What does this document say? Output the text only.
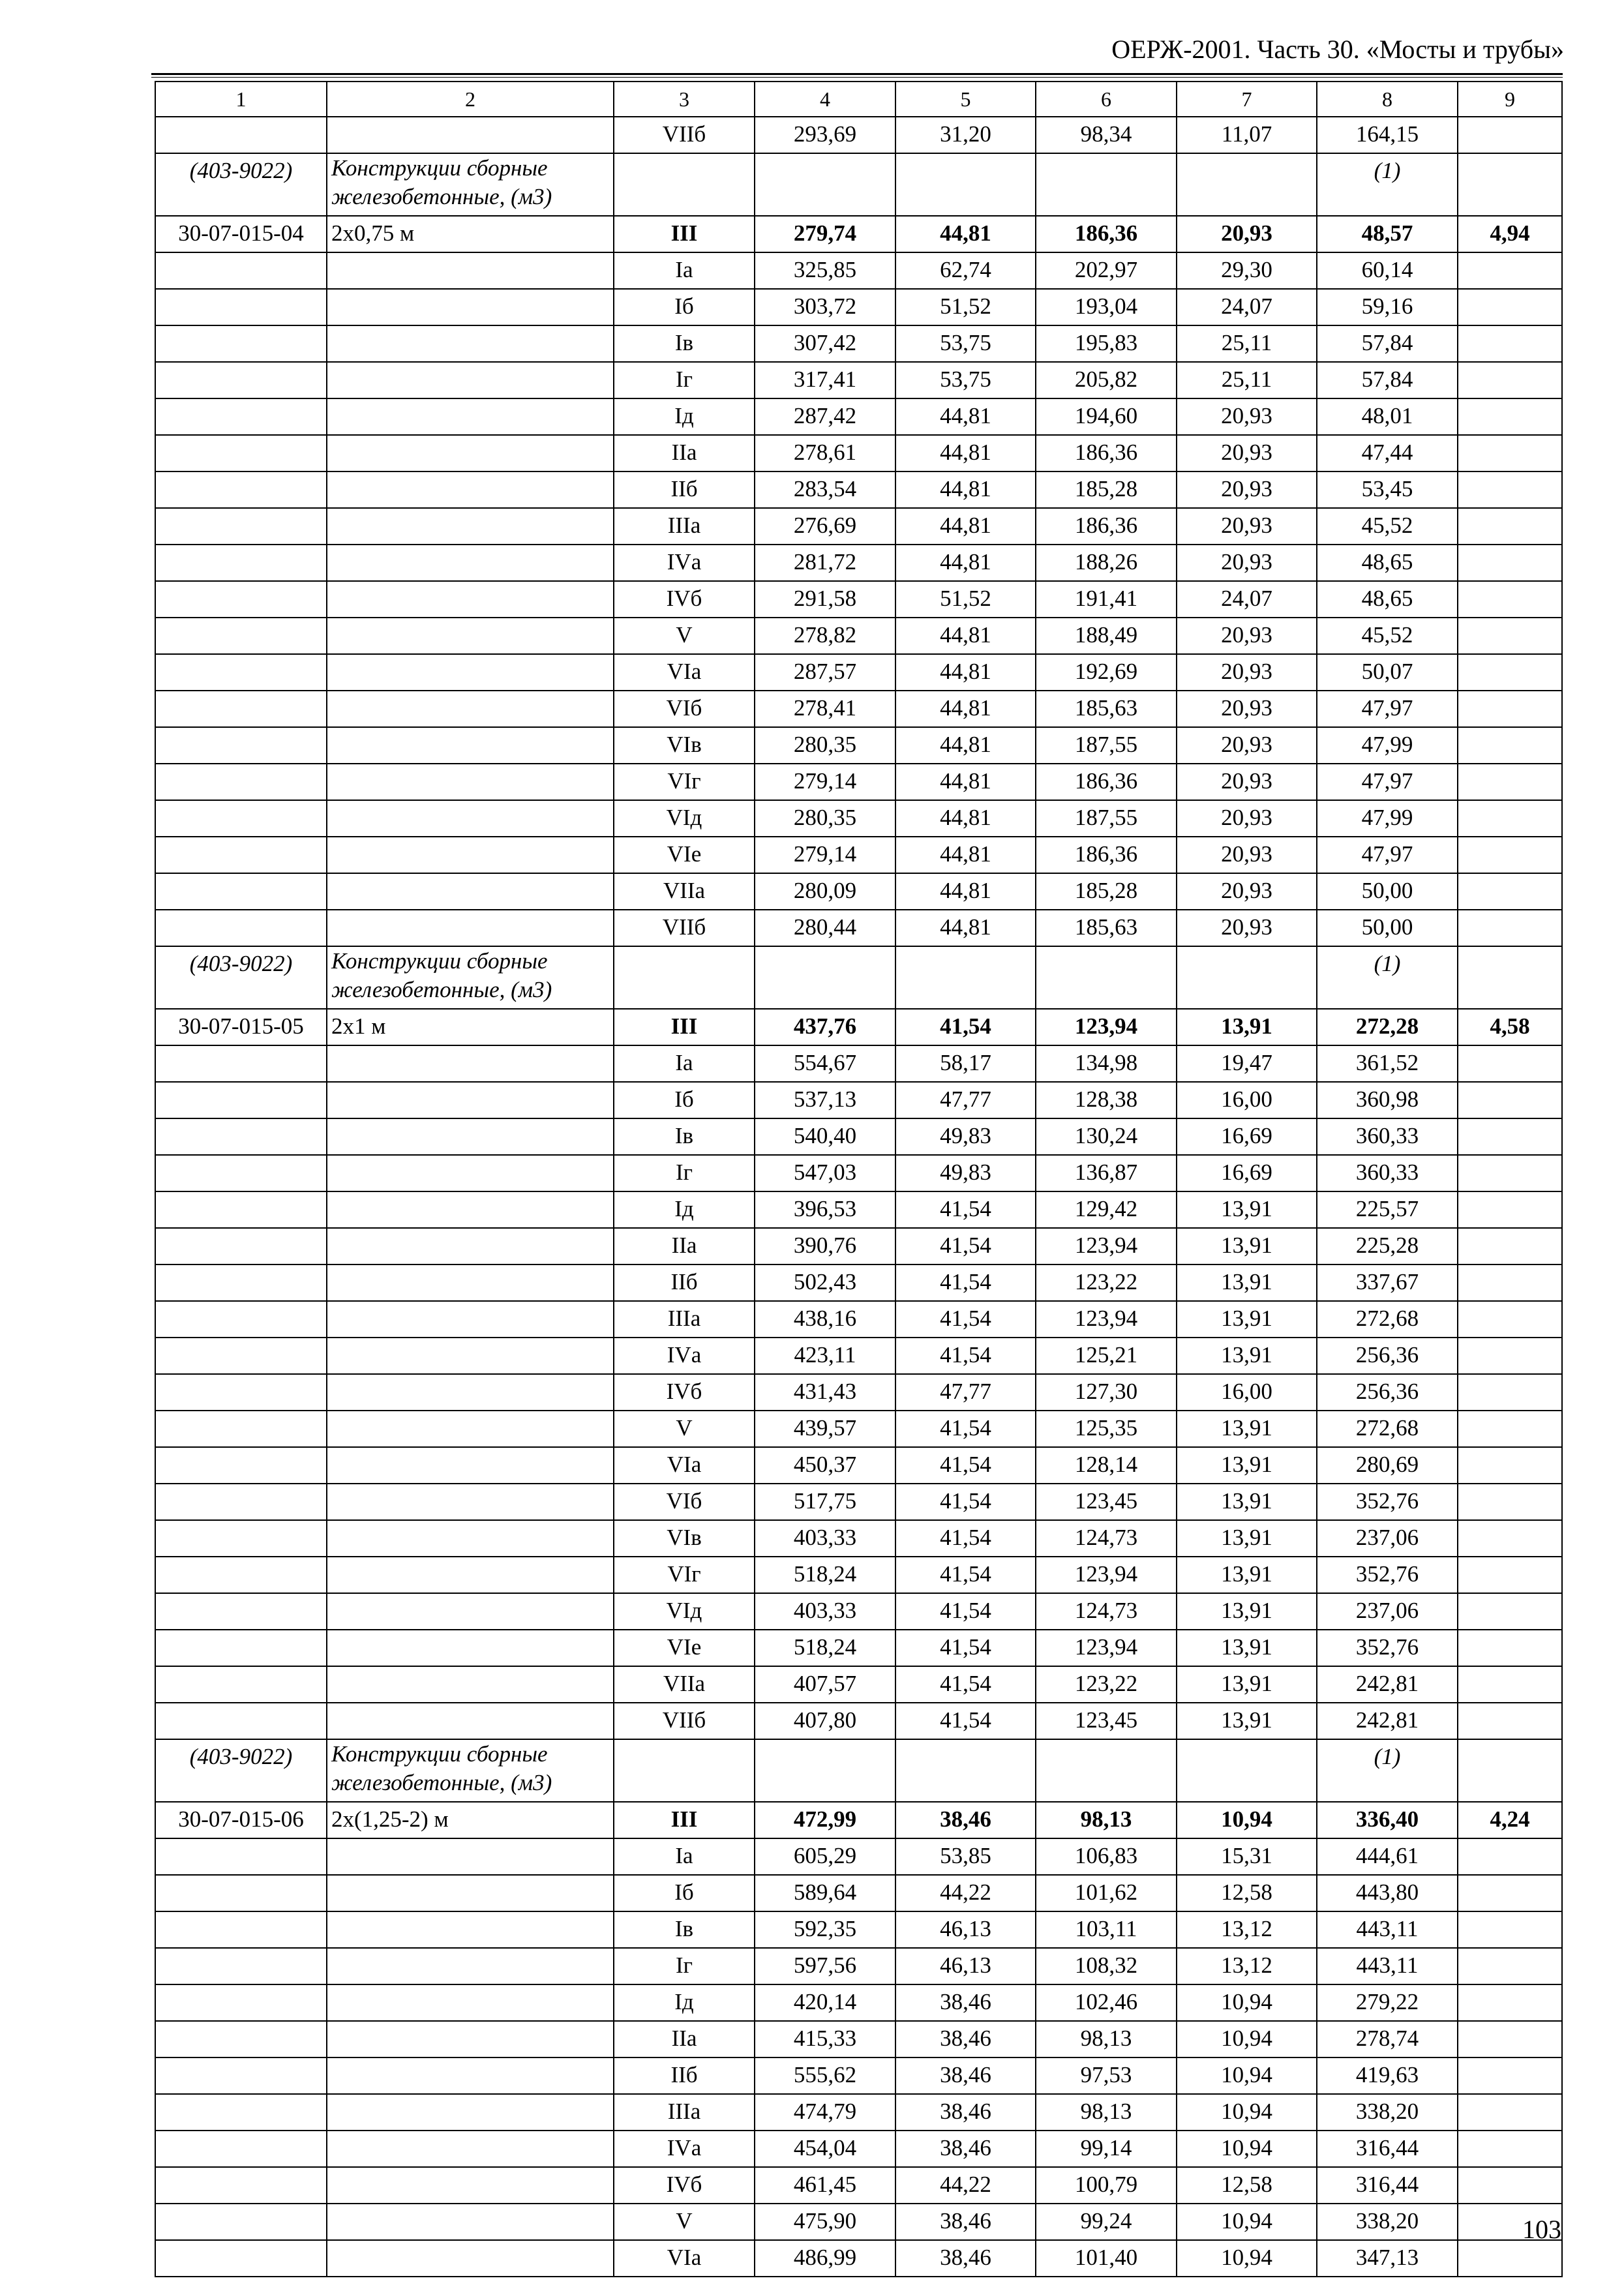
ОЕРЖ-2001. Часть 30. «Мосты и трубы»
1	2	3	4	5	6	7	8	9
		VIIб	293,69	31,20	98,34	11,07	164,15	
(403-9022)	Конструкции сборные железобетонные, (м3)						(1)	
30-07-015-04	2х0,75 м	III	279,74	44,81	186,36	20,93	48,57	4,94
		Iа	325,85	62,74	202,97	29,30	60,14	
		Iб	303,72	51,52	193,04	24,07	59,16	
		Iв	307,42	53,75	195,83	25,11	57,84	
		Iг	317,41	53,75	205,82	25,11	57,84	
		Iд	287,42	44,81	194,60	20,93	48,01	
		IIа	278,61	44,81	186,36	20,93	47,44	
		IIб	283,54	44,81	185,28	20,93	53,45	
		IIIа	276,69	44,81	186,36	20,93	45,52	
		IVа	281,72	44,81	188,26	20,93	48,65	
		IVб	291,58	51,52	191,41	24,07	48,65	
		V	278,82	44,81	188,49	20,93	45,52	
		VIа	287,57	44,81	192,69	20,93	50,07	
		VIб	278,41	44,81	185,63	20,93	47,97	
		VIв	280,35	44,81	187,55	20,93	47,99	
		VIг	279,14	44,81	186,36	20,93	47,97	
		VIд	280,35	44,81	187,55	20,93	47,99	
		VIе	279,14	44,81	186,36	20,93	47,97	
		VIIа	280,09	44,81	185,28	20,93	50,00	
		VIIб	280,44	44,81	185,63	20,93	50,00	
(403-9022)	Конструкции сборные железобетонные, (м3)						(1)	
30-07-015-05	2х1 м	III	437,76	41,54	123,94	13,91	272,28	4,58
		Iа	554,67	58,17	134,98	19,47	361,52	
		Iб	537,13	47,77	128,38	16,00	360,98	
		Iв	540,40	49,83	130,24	16,69	360,33	
		Iг	547,03	49,83	136,87	16,69	360,33	
		Iд	396,53	41,54	129,42	13,91	225,57	
		IIа	390,76	41,54	123,94	13,91	225,28	
		IIб	502,43	41,54	123,22	13,91	337,67	
		IIIа	438,16	41,54	123,94	13,91	272,68	
		IVа	423,11	41,54	125,21	13,91	256,36	
		IVб	431,43	47,77	127,30	16,00	256,36	
		V	439,57	41,54	125,35	13,91	272,68	
		VIа	450,37	41,54	128,14	13,91	280,69	
		VIб	517,75	41,54	123,45	13,91	352,76	
		VIв	403,33	41,54	124,73	13,91	237,06	
		VIг	518,24	41,54	123,94	13,91	352,76	
		VIд	403,33	41,54	124,73	13,91	237,06	
		VIе	518,24	41,54	123,94	13,91	352,76	
		VIIа	407,57	41,54	123,22	13,91	242,81	
		VIIб	407,80	41,54	123,45	13,91	242,81	
(403-9022)	Конструкции сборные железобетонные, (м3)						(1)	
30-07-015-06	2х(1,25-2) м	III	472,99	38,46	98,13	10,94	336,40	4,24
		Iа	605,29	53,85	106,83	15,31	444,61	
		Iб	589,64	44,22	101,62	12,58	443,80	
		Iв	592,35	46,13	103,11	13,12	443,11	
		Iг	597,56	46,13	108,32	13,12	443,11	
		Iд	420,14	38,46	102,46	10,94	279,22	
		IIа	415,33	38,46	98,13	10,94	278,74	
		IIб	555,62	38,46	97,53	10,94	419,63	
		IIIа	474,79	38,46	98,13	10,94	338,20	
		IVа	454,04	38,46	99,14	10,94	316,44	
		IVб	461,45	44,22	100,79	12,58	316,44	
		V	475,90	38,46	99,24	10,94	338,20	
		VIа	486,99	38,46	101,40	10,94	347,13	
103
